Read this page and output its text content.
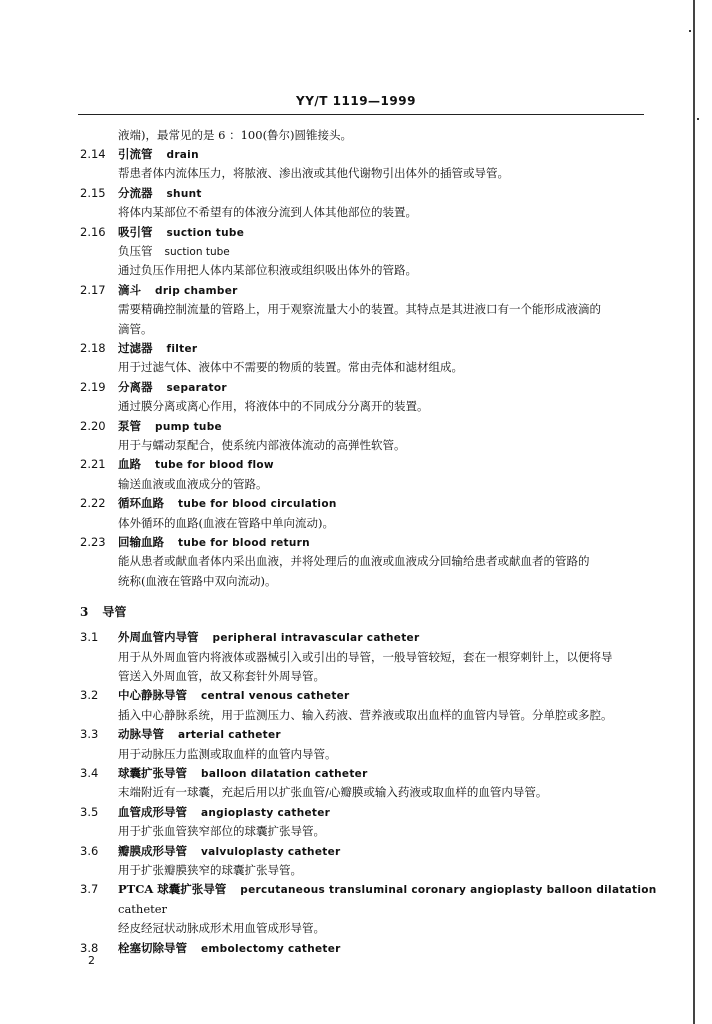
YY/T 1119—1999
液端)，最常见的是 6 ：100(鲁尔)圆锥接头。
2.14 引流管 drain
帮患者体内流体压力，将脓液、渗出液或其他代谢物引出体外的插管或导管。
2.15 分流器 shunt
将体内某部位不希望有的体液分流到人体其他部位的装置。
2.16 吸引管 suction tube
负压管 suction tube
通过负压作用把人体内某部位积液或组织吸出体外的管路。
2.17 滴斗 drip chamber
需要精确控制流量的管路上，用于观察流量大小的装置。其特点是其进液口有一个能形成液滴的
滴管。
2.18 过滤器 filter
用于过滤气体、液体中不需要的物质的装置。常由壳体和滤材组成。
2.19 分离器 separator
通过膜分离或离心作用，将液体中的不同成分分离开的装置。
2.20 泵管 pump tube
用于与蠕动泵配合，使系统内部液体流动的高弹性软管。
2.21 血路 tube for blood flow
输送血液或血液成分的管路。
2.22 循环血路 tube for blood circulation
体外循环的血路(血液在管路中单向流动)。
2.23 回输血路 tube for blood return
能从患者或献血者体内采出血液，并将处理后的血液或血液成分回输给患者或献血者的管路的
统称(血液在管路中双向流动)。
3 导管
3.1 外周血管内导管 peripheral intravascular catheter
用于从外周血管内将液体或器械引入或引出的导管，一般导管较短，套在一根穿刺针上，以便将导
管送入外周血管，故又称套针外周导管。
3.2 中心静脉导管 central venous catheter
插入中心静脉系统，用于监测压力、输入药液、营养液或取出血样的血管内导管。分单腔或多腔。
3.3 动脉导管 arterial catheter
用于动脉压力监测或取血样的血管内导管。
3.4 球囊扩张导管 balloon dilatation catheter
末端附近有一球囊，充起后用以扩张血管/心瓣膜或输入药液或取血样的血管内导管。
3.5 血管成形导管 angioplasty catheter
用于扩张血管狭窄部位的球囊扩张导管。
3.6 瓣膜成形导管 valvuloplasty catheter
用于扩张瓣膜狭窄的球囊扩张导管。
3.7 PTCA 球囊扩张导管 percutaneous transluminal coronary angioplasty balloon dilatation
catheter
经皮经冠状动脉成形术用血管成形导管。
3.8 栓塞切除导管 embolectomy catheter
2
